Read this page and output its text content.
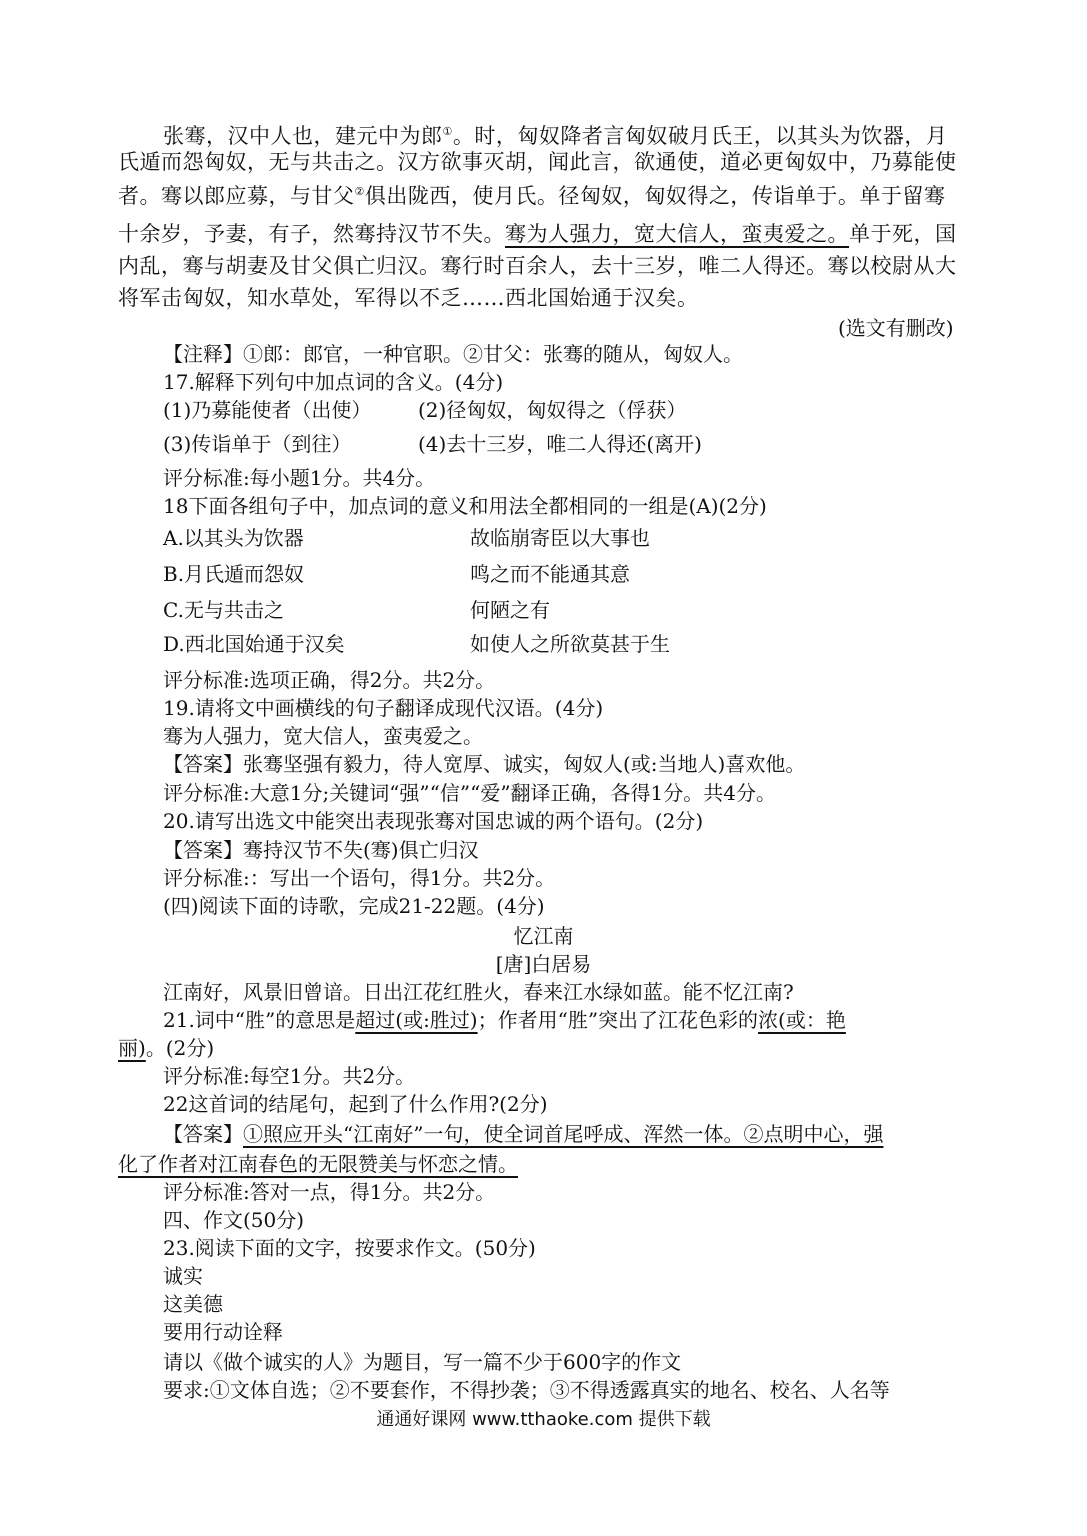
张骞，汉中人也，建元中为郎①。时，匈奴降者言匈奴破月氏王，以其头为饮器，月
氏遁而怨匈奴，无与共击之。汉方欲事灭胡，闻此言，欲通使，道必更匈奴中，乃募能使
者。骞以郎应募，与甘父②俱出陇西，使月氏。径匈奴，匈奴得之，传诣单于。单于留骞
十余岁，予妻，有子，然骞持汉节不失。骞为人强力，宽大信人，蛮夷爱之。单于死，国
内乱，骞与胡妻及甘父俱亡归汉。骞行时百余人，去十三岁，唯二人得还。骞以校尉从大
将军击匈奴，知水草处，军得以不乏……西北国始通于汉矣。
(选文有删改)
【注释】①郎：郎官，一种官职。②甘父：张骞的随从，匈奴人。
17.解释下列句中加点词的含义。(4分)
(1)乃募能使者（出使） (2)径匈奴，匈奴得之（俘获）
(3)传诣单于（到往）	(4)去十三岁，唯二人得还(离开)
评分标准:每小题1分。共4分。
18下面各组句子中，加点词的意义和用法全都相同的一组是(A)(2分)
A.以其头为饮器	故临崩寄臣以大事也
B.月氏遁而怨奴	鸣之而不能通其意
C.无与共击之	何陋之有
D.西北国始通于汉矣	如使人之所欲莫甚于生
评分标准:选项正确，得2分。共2分。
19.请将文中画横线的句子翻译成现代汉语。(4分)
骞为人强力，宽大信人，蛮夷爱之。
【答案】张骞坚强有毅力，待人宽厚、诚实，匈奴人(或:当地人)喜欢他。
评分标准:大意1分;关键词“强”“信”“爱”翻译正确，各得1分。共4分。
20.请写出选文中能突出表现张骞对国忠诚的两个语句。(2分)
【答案】骞持汉节不失(骞)俱亡归汉
评分标准:：写出一个语句，得1分。共2分。
(四)阅读下面的诗歌，完成21-22题。(4分)
忆江南
[唐]白居易
江南好，风景旧曾谙。日出江花红胜火，春来江水绿如蓝。能不忆江南?
21.词中“胜”的意思是超过(或:胜过)；作者用“胜”突出了江花色彩的浓(或：艳
丽)。(2分)
评分标准:每空1分。共2分。
22这首词的结尾句，起到了什么作用?(2分)
【答案】①照应开头“江南好”一句，使全词首尾呼成、浑然一体。②点明中心，强
化了作者对江南春色的无限赞美与怀恋之情。
评分标准:答对一点，得1分。共2分。
四、作文(50分)
23.阅读下面的文字，按要求作文。(50分)
诚实
这美德
要用行动诠释
请以《做个诚实的人》为题目，写一篇不少于600字的作文
要求:①文体自选；②不要套作，不得抄袭；③不得透露真实的地名、校名、人名等
通通好课网 www.tthaoke.com 提供下载
